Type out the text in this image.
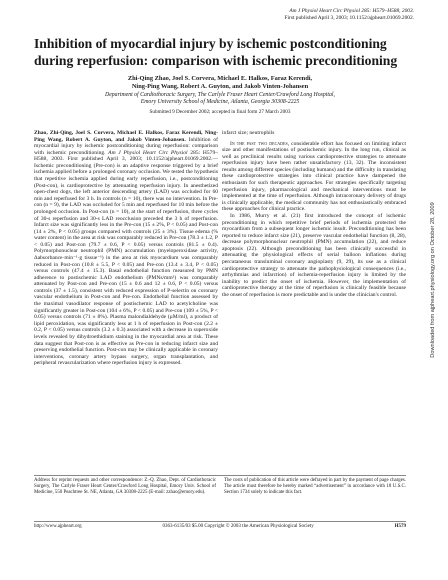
Am J Physiol Heart Circ Physiol 285: H579–H588, 2003.
First published April 3, 2003; 10.1152/ajpheart.01069.2002.
Inhibition of myocardial injury by ischemic postconditioning during reperfusion: comparison with ischemic preconditioning
Zhi-Qing Zhao, Joel S. Corvera, Michael E. Halkos, Faraz Kerendi,
Ning-Ping Wang, Robert A. Guyton, and Jakob Vinten-Johansen
Department of Cardiothoracic Surgery, The Carlyle Fraser Heart Center/Crawford Long Hospital,
Emory University School of Medicine, Atlanta, Georgia 30308-2225
Submitted 9 December 2002; accepted in final form 27 March 2003

Zhao, Zhi-Qing, Joel S. Corvera, Michael E. Halkos, Faraz Kerendi, Ning-Ping Wang, Robert A. Guyton, and Jakob Vinten-Johansen. Inhibition of myocardial injury by ischemic postconditioning during reperfusion: comparison with ischemic preconditioning. Am J Physiol Heart Circ Physiol 285: H579–H588, 2003. First published April 3, 2003; 10.1152/ajpheart.01069.2002.—Ischemic preconditioning (Pre-con) is an adaptive response triggered by a brief ischemia applied before a prolonged coronary occlusion. We tested the hypothesis that repetitive ischemia applied during early reperfusion, i.e., postconditioning (Post-con), is cardioprotective by attenuating reperfusion injury. In anesthetized open-chest dogs, the left anterior descending artery (LAD) was occluded for 60 min and reperfused for 3 h. In controls (n = 10), there was no intervention. In Pre-con (n = 9), the LAD was occluded for 5 min and reperfused for 10 min before the prolonged occlusion. In Post-con (n = 10), at the start of reperfusion, three cycles of 30-s reperfusion and 30-s LAD reocclusion preceded the 3 h of reperfusion. Infarct size was significantly less in the Pre-con (15 ± 2%, P < 0.05) and Post-con (14 ± 2%, P < 0.05) groups compared with controls (25 ± 3%). Tissue edema (% water content) in the area at risk was comparably reduced in Pre-con (78.3 ± 1.2, P < 0.05) and Post-con (79.7 ± 0.6, P < 0.05) versus controls (81.5 ± 0.4). Polymorphonuclear neutrophil (PMN) accumulation (myeloperoxidase activity, Δabsorbance·min⁻¹·g tissue⁻¹) in the area at risk myocardium was comparably reduced in Post-con (10.8 ± 5.5, P < 0.05) and Pre-con (13.4 ± 3.4, P < 0.05) versus controls (47.4 ± 15.3). Basal endothelial function measured by PMN adherence to postischemic LAD endothelium (PMNs/mm²) was comparably attenuated by Post-con and Pre-con (15 ± 0.6 and 12 ± 0.6, P < 0.05) versus controls (37 ± 1.5), consistent with reduced expression of P-selectin on coronary vascular endothelium in Post-con and Pre-con. Endothelial function assessed by the maximal vasodilator response of postischemic LAD to acetylcholine was significantly greater in Post-con (104 ± 6%, P < 0.05) and Pre-con (109 ± 5%, P < 0.05) versus controls (71 ± 8%). Plasma malondialdehyde (μM/ml), a product of lipid peroxidation, was significantly less at 1 h of reperfusion in Post-con (2.2 ± 0.2, P < 0.05) versus controls (3.2 ± 0.3) associated with a decrease in superoxide levels revealed by dihydroethidium staining in the myocardial area at risk. These data suggest that Post-con is as effective as Pre-con in reducing infarct size and preserving endothelial function. Post-con may be clinically applicable in coronary interventions, coronary artery bypass surgery, organ transplantation, and peripheral revascularization where reperfusion injury is expressed.

infarct size; neutrophils

In the past two decades, considerable effort has focused on limiting infarct size and other manifestations of postischemic injury. In the long run, clinical as well as preclinical results using various cardioprotective strategies to attenuate reperfusion injury have been rather unsatisfactory (13, 32). The inconsistent results among different species (including humans) and the difficulty in translating these cardioprotective strategies into clinical practice have dampened the enthusiasm for such therapeutic approaches. For strategies specifically targeting reperfusion injury, pharmacological and mechanical interventions must be implemented at the time of reperfusion. Although intracoronary delivery of drugs is clinically applicable, the medical community has not enthusiastically embraced these approaches for clinical practice.

In 1986, Murry et al. (21) first introduced the concept of ischemic preconditioning in which repetitive brief periods of ischemia protected the myocardium from a subsequent longer ischemic insult. Preconditioning has been reported to reduce infarct size (21), preserve vascular endothelial function (8, 28), decrease polymorphonuclear neutrophil (PMN) accumulation (22), and reduce apoptosis (22). Although preconditioning has been clinically successful in attenuating the physiological effects of serial balloon inflations during percutaneous transluminal coronary angioplasty (9, 29), its use as a clinical cardioprotective strategy to attenuate the pathophysiological consequences (i.e., arrhythmias and infarction) of ischemia-reperfusion injury is limited by the inability to predict the onset of ischemia. However, the implementation of cardioprotective therapy at the time of reperfusion is clinically feasible because the onset of reperfusion is more predictable and is under the clinician's control.

Address for reprint requests and other correspondence: Z.-Q. Zhao, Dept. of Cardiothoracic Surgery, The Carlyle Fraser Heart Center/Crawford Long Hospital, Emory Univ. School of Medicine, 550 Peachtree St. NE, Atlanta, GA 30308-2225 (E-mail: zzhao@emory.edu).
The costs of publication of this article were defrayed in part by the payment of page charges. The article must therefore be hereby marked “advertisement” in accordance with 18 U.S.C. Section 1734 solely to indicate this fact.
http://www.ajpheart.org	0363-6135/03 $5.00 Copyright © 2003 the American Physiological Society	H579
Downloaded from ajpheart.physiology.org on October 28, 2009
